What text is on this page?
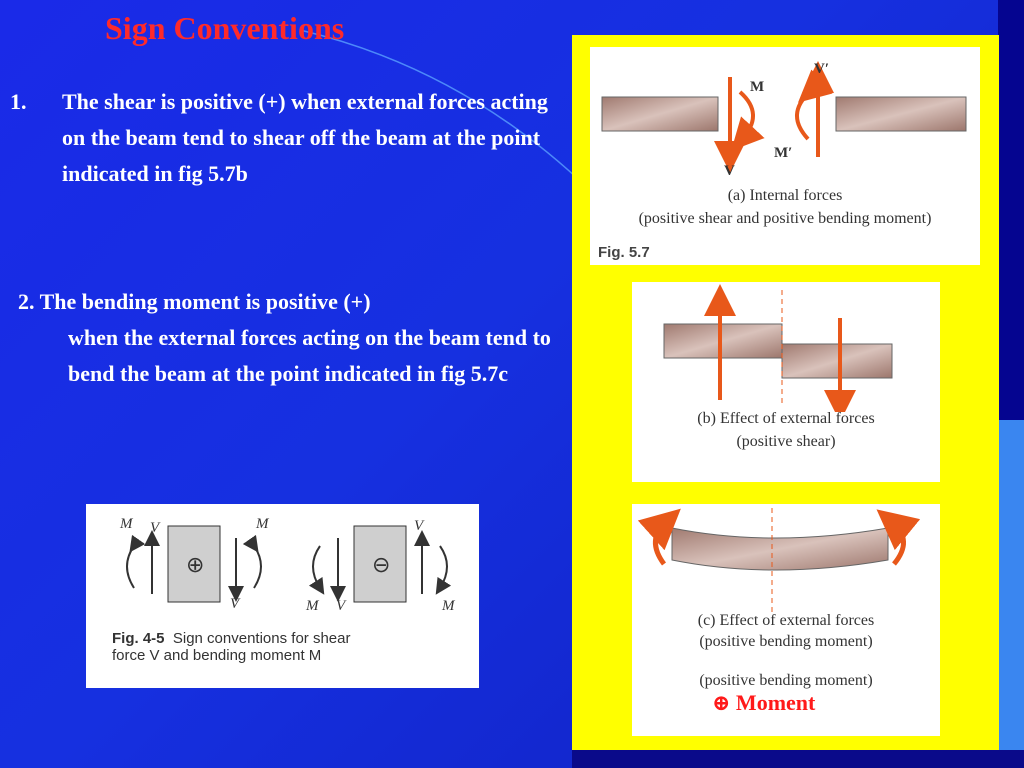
Sign Conventions
1. The shear is positive (+) when external forces acting on the beam tend to shear off the beam at the point indicated in fig 5.7b
2. The bending moment is positive (+)
when the external forces acting on the beam tend to bend the beam at the point indicated in fig 5.7c
M
V
V′
M′
(a) Internal forces
(positive shear and positive bending moment)
Fig. 5.7
(b) Effect of external forces
(positive shear)
(c) Effect of external forces
(positive bending moment)
(positive bending moment)
⊕ Moment
⊕	⊖
M V	M
V	M V
V
M
Fig. 4-5 Sign conventions for shear
force V and bending moment M
